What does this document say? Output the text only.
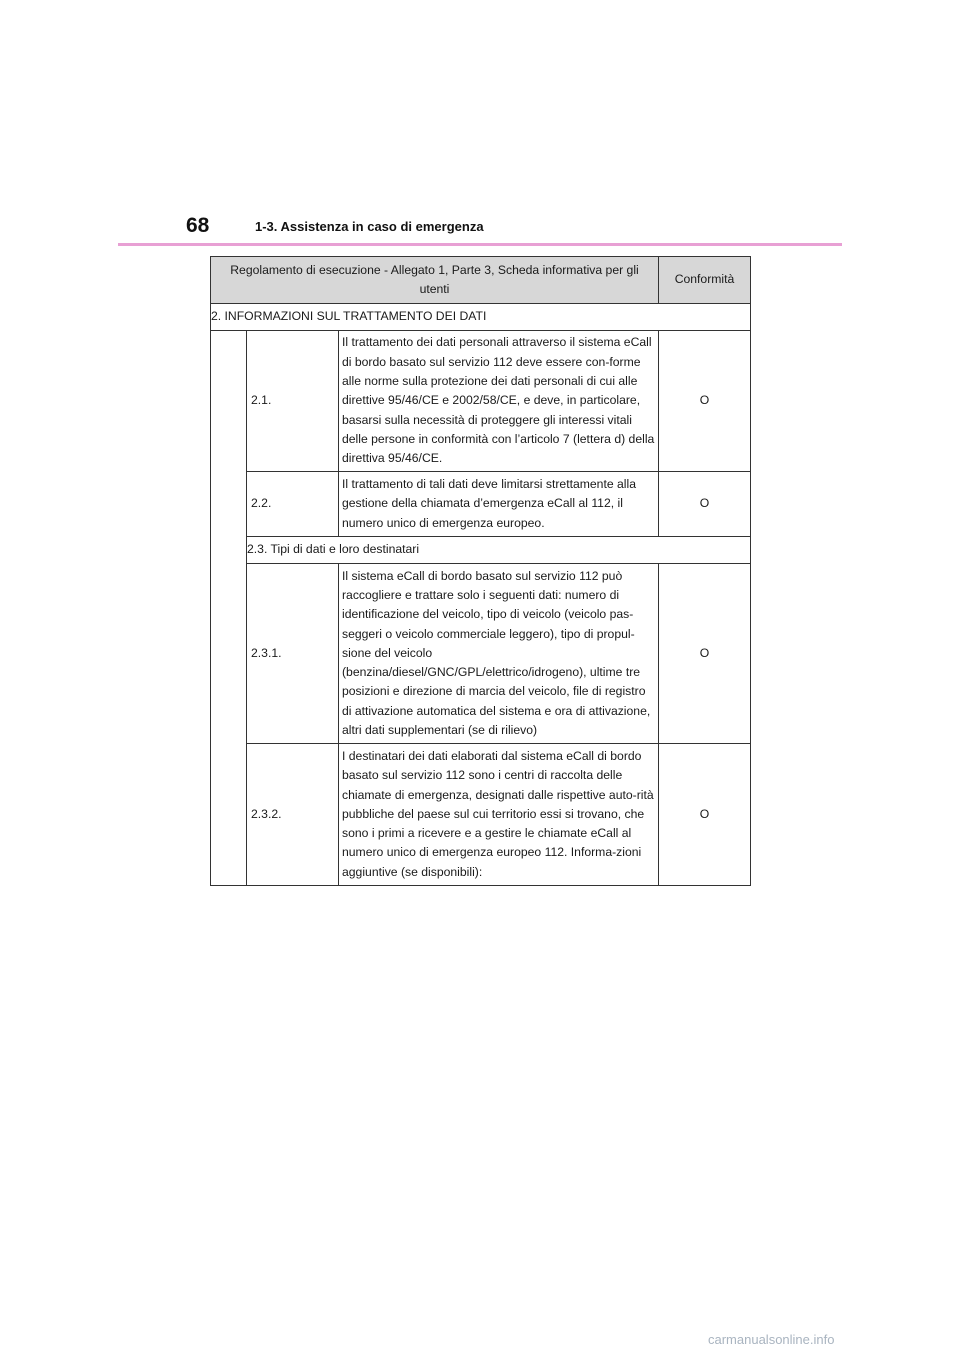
68	1-3. Assistenza in caso di emergenza
Regolamento di esecuzione - Allegato 1, Parte 3, Scheda informativa per gli utenti			Conformità
2. INFORMAZIONI SUL TRATTAMENTO DEI DATI			
	2.1.	Il trattamento dei dati personali attraverso il sistema eCall di bordo basato sul servizio 112 deve essere con-forme alle norme sulla protezione dei dati personali di cui alle direttive 95/46/CE e 2002/58/CE, e deve, in particolare, basarsi sulla necessità di proteggere gli interessi vitali delle persone in conformità con l’articolo 7 (lettera d) della direttiva 95/46/CE.	O
	2.2.	Il trattamento di tali dati deve limitarsi strettamente alla gestione della chiamata d’emergenza eCall al 112, il numero unico di emergenza europeo.	O
	2.3. Tipi di dati e loro destinatari		
	2.3.1.	Il sistema eCall di bordo basato sul servizio 112 può raccogliere e trattare solo i seguenti dati: numero di identificazione del veicolo, tipo di veicolo (veicolo pas-seggeri o veicolo commerciale leggero), tipo di propul-sione del veicolo (benzina/diesel/GNC/GPL/elettrico/idrogeno), ultime tre posizioni e direzione di marcia del veicolo, file di registro di attivazione automatica del sistema e ora di attivazione, altri dati supplementari (se di rilievo)	O
	2.3.2.	I destinatari dei dati elaborati dal sistema eCall di bordo basato sul servizio 112 sono i centri di raccolta delle chiamate di emergenza, designati dalle rispettive auto-rità pubbliche del paese sul cui territorio essi si trovano, che sono i primi a ricevere e a gestire le chiamate eCall al numero unico di emergenza europeo 112. Informa-zioni aggiuntive (se disponibili):	O
carmanualsonline.info
